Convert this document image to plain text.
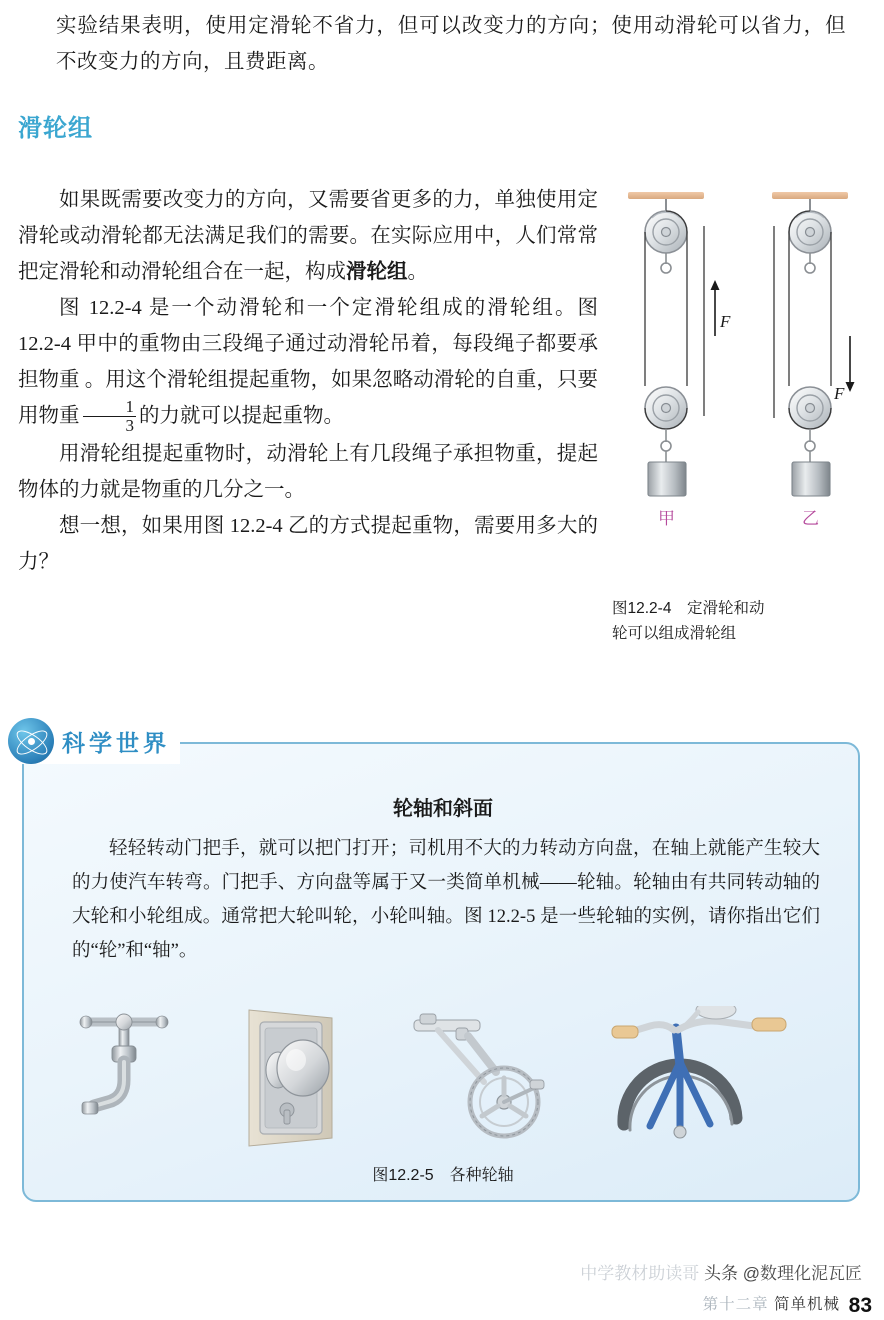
实验结果表明，使用定滑轮不省力，但可以改变力的方向；使用动滑轮可以省力，但不改变力的方向，且费距离。
滑轮组

如果既需要改变力的方向，又需要省更多的力，单独使用定滑轮或动滑轮都无法满足我们的需要。在实际应用中，人们常常把定滑轮和动滑轮组合在一起，构成滑轮组。

图 12.2-4 是一个动滑轮和一个定滑轮组成的滑轮组。图 12.2-4 甲中的重物由三段绳子通过动滑轮吊着，每段绳子都要承担物重 。用这个滑轮组提起重物，如果忽略动滑轮的自重，只要用物重 $\frac{1}{3}$ 的力就可以提起重物。

用滑轮组提起重物时，动滑轮上有几段绳子承担物重，提起物体的力就是物重的几分之一。

想一想，如果用图 12.2-4 乙的方式提起重物，需要用多大的力？

F
F
甲	乙
图12.2-4　定滑轮和动
轮可以组成滑轮组
轮轴和斜面

轻轻转动门把手，就可以把门打开；司机用不大的力转动方向盘，在轴上就能产生较大的力使汽车转弯。门把手、方向盘等属于又一类简单机械——轮轴。轮轴由有共同转动轴的大轮和小轮组成。通常把大轮叫轮，小轮叫轴。图 12.2-5 是一些轮轴的实例，请你指出它们的“轮”和“轴”。

图12.2-5　各种轮轴
科学世界
中学教材助读哥 头条 @数理化泥瓦匠
第十二章 简单机械 83
